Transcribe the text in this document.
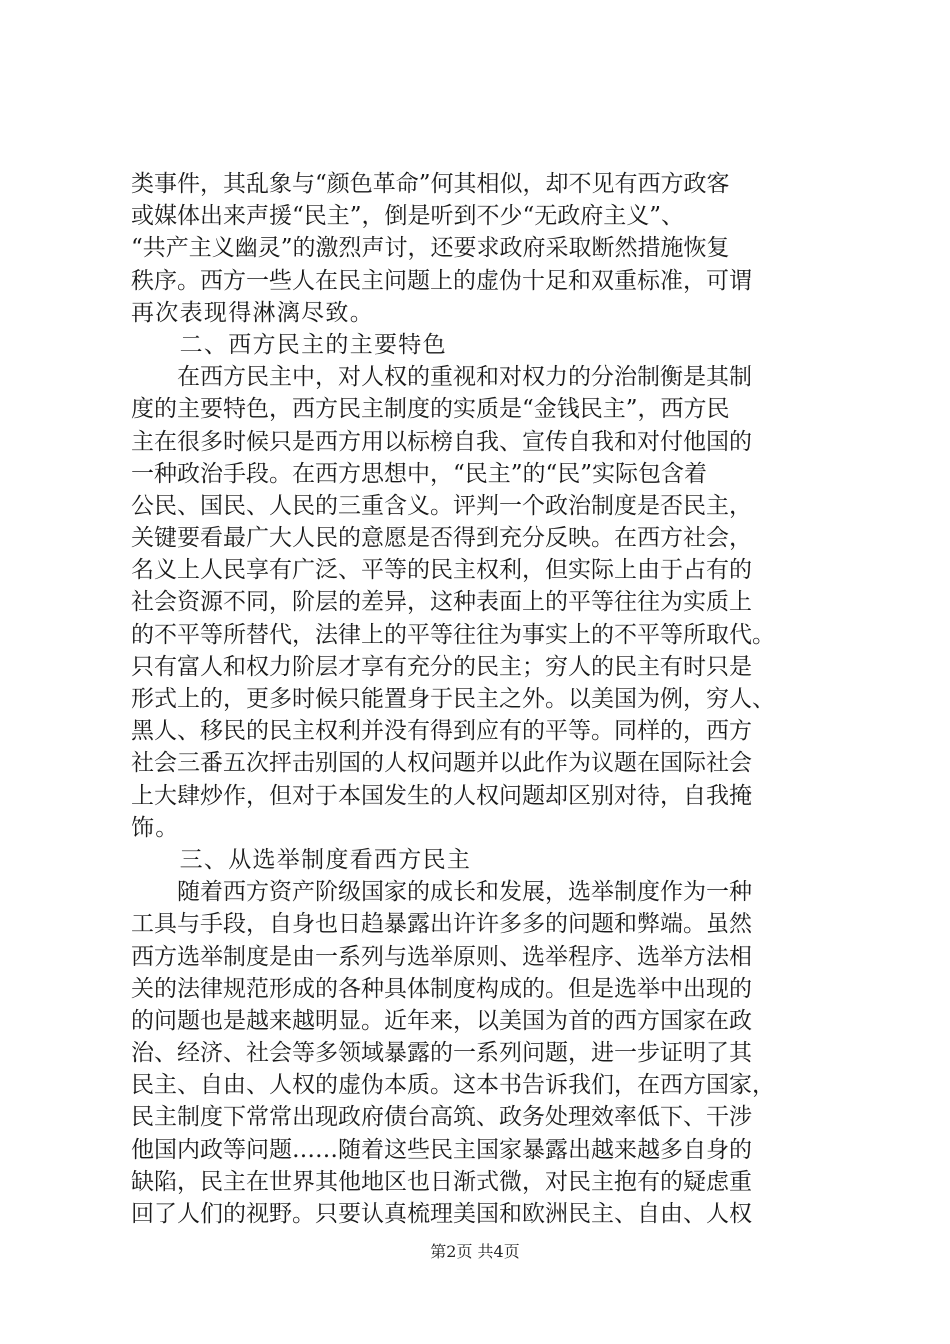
类事件，其乱象与“颜色革命”何其相似，却不见有西方政客
或媒体出来声援“民主”，倒是听到不少“无政府主义”、
“共产主义幽灵”的激烈声讨，还要求政府采取断然措施恢复
秩序。西方一些人在民主问题上的虚伪十足和双重标准，可谓
再次表现得淋漓尽致。
　　二、西方民主的主要特色
　　在西方民主中，对人权的重视和对权力的分治制衡是其制
度的主要特色，西方民主制度的实质是“金钱民主”，西方民
主在很多时候只是西方用以标榜自我、宣传自我和对付他国的
一种政治手段。在西方思想中，“民主”的“民”实际包含着
公民、国民、人民的三重含义。评判一个政治制度是否民主，
关键要看最广大人民的意愿是否得到充分反映。在西方社会，
名义上人民享有广泛、平等的民主权利，但实际上由于占有的
社会资源不同，阶层的差异，这种表面上的平等往往为实质上
的不平等所替代，法律上的平等往往为事实上的不平等所取代。
只有富人和权力阶层才享有充分的民主；穷人的民主有时只是
形式上的，更多时候只能置身于民主之外。以美国为例，穷人、
黑人、移民的民主权利并没有得到应有的平等。同样的，西方
社会三番五次抨击别国的人权问题并以此作为议题在国际社会
上大肆炒作，但对于本国发生的人权问题却区别对待，自我掩
饰。
　　三、从选举制度看西方民主
　　随着西方资产阶级国家的成长和发展，选举制度作为一种
工具与手段，自身也日趋暴露出许许多多的问题和弊端。虽然
西方选举制度是由一系列与选举原则、选举程序、选举方法相
关的法律规范形成的各种具体制度构成的。但是选举中出现的
的问题也是越来越明显。近年来，以美国为首的西方国家在政
治、经济、社会等多领域暴露的一系列问题，进一步证明了其
民主、自由、人权的虚伪本质。这本书告诉我们，在西方国家，
民主制度下常常出现政府债台高筑、政务处理效率低下、干涉
他国内政等问题……随着这些民主国家暴露出越来越多自身的
缺陷，民主在世界其他地区也日渐式微，对民主抱有的疑虑重
回了人们的视野。只要认真梳理美国和欧洲民主、自由、人权
第2页 共4页
